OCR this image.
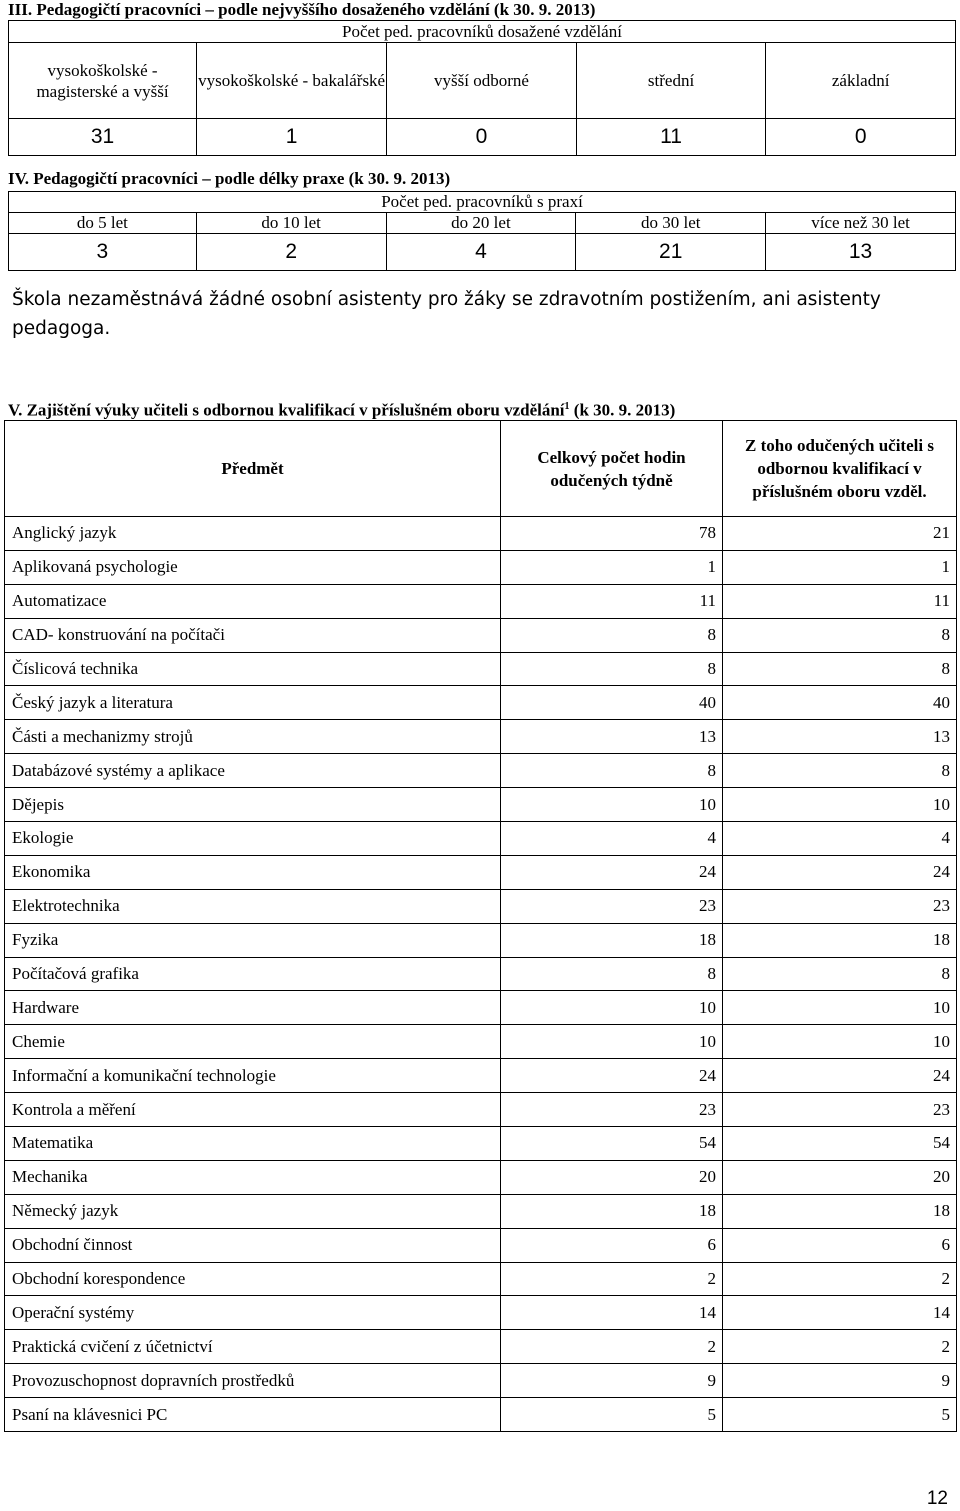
III. Pedagogičtí pracovníci – podle nejvyššího dosaženého vzdělání (k 30. 9. 2013)
Počet ped. pracovníků dosažené vzdělání				
vysokoškolské - magisterské a vyšší	vysokoškolské - bakalářské	vyšší odborné	střední	základní
31	1	0	11	0
IV. Pedagogičtí pracovníci – podle délky praxe (k 30. 9. 2013)
Počet ped. pracovníků s praxí				
do 5 let	do 10 let	do 20 let	do 30 let	více než 30 let
3	2	4	21	13
Škola nezaměstnává žádné osobní asistenty pro žáky se zdravotním postižením, ani asistenty pedagoga.
V. Zajištění výuky učiteli s odbornou kvalifikací v příslušném oboru vzdělání$^1$ (k 30. 9. 2013)
Předmět	Celkový počet hodin odučených týdně	Z toho odučených učiteli s odbornou kvalifikací v příslušném oboru vzděl.
Anglický jazyk	78	21
Aplikovaná psychologie	1	1
Automatizace	11	11
CAD- konstruování na počítači	8	8
Číslicová technika	8	8
Český jazyk a literatura	40	40
Části a mechanizmy strojů	13	13
Databázové systémy a aplikace	8	8
Dějepis	10	10
Ekologie	4	4
Ekonomika	24	24
Elektrotechnika	23	23
Fyzika	18	18
Počítačová grafika	8	8
Hardware	10	10
Chemie	10	10
Informační a komunikační technologie	24	24
Kontrola a měření	23	23
Matematika	54	54
Mechanika	20	20
Německý jazyk	18	18
Obchodní činnost	6	6
Obchodní korespondence	2	2
Operační systémy	14	14
Praktická cvičení z účetnictví	2	2
Provozuschopnost dopravních prostředků	9	9
Psaní na klávesnici PC	5	5
12
